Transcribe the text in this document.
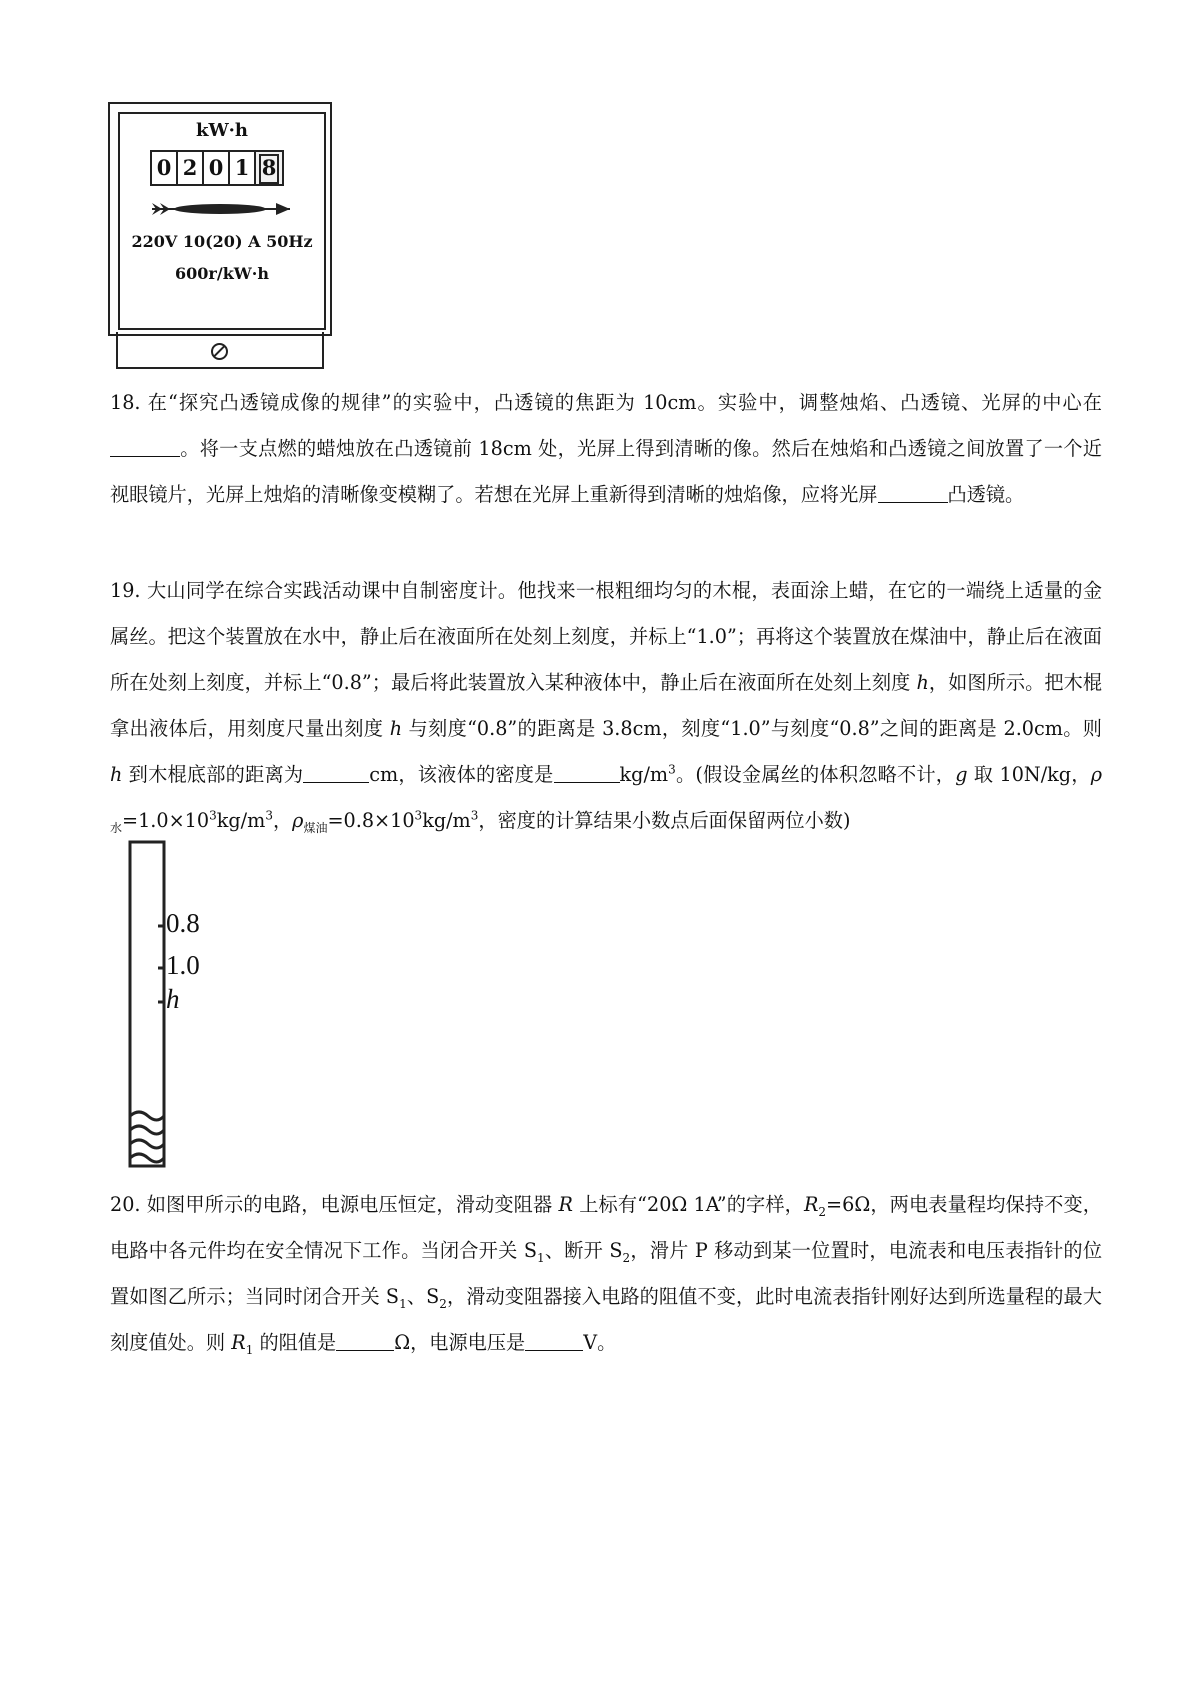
kW·h
0 2 0 1 8
220V 10(20) A 50Hz
600r/kW·h

18. 在“探究凸透镜成像的规律”的实验中，凸透镜的焦距为 10cm。实验中，调整烛焰、凸透镜、光屏的中心在。将一支点燃的蜡烛放在凸透镜前 18cm 处，光屏上得到清晰的像。然后在烛焰和凸透镜之间放置了一个近视眼镜片，光屏上烛焰的清晰像变模糊了。若想在光屏上重新得到清晰的烛焰像，应将光屏	凸透镜。

19. 大山同学在综合实践活动课中自制密度计。他找来一根粗细均匀的木棍，表面涂上蜡，在它的一端绕上适量的金属丝。把这个装置放在水中，静止后在液面所在处刻上刻度，并标上“1.0”；再将这个装置放在煤油中，静止后在液面所在处刻上刻度，并标上“0.8”；最后将此装置放入某种液体中，静止后在液面所在处刻上刻度 h，如图所示。把木棍拿出液体后，用刻度尺量出刻度 h 与刻度“0.8”的距离是 3.8cm，刻度“1.0”与刻度“0.8”之间的距离是 2.0cm。则 h 到木棍底部的距离为	cm，该液体的密度是	$kg/m^3$。(假设金属丝的体积忽略不计，g 取 10N/kg，$\rho_水=1.0\times 10^3kg/m^3$，$\rho_{煤油}=0.8\times 10^3kg/m^3$，密度的计算结果小数点后面保留两位小数)

0.8
1.0
h

20. 如图甲所示的电路，电源电压恒定，滑动变阻器 R 上标有“20Ω 1A”的字样，$R_2=6\Omega$，两电表量程均保持不变，电路中各元件均在安全情况下工作。当闭合开关 $S_1$、断开 $S_2$，滑片 P 移动到某一位置时，电流表和电压表指针的位置如图乙所示；当同时闭合开关 $S_1$、$S_2$，滑动变阻器接入电路的阻值不变，此时电流表指针刚好达到所选量程的最大刻度值处。则 $R_1$ 的阻值是	Ω，电源电压是	V。
